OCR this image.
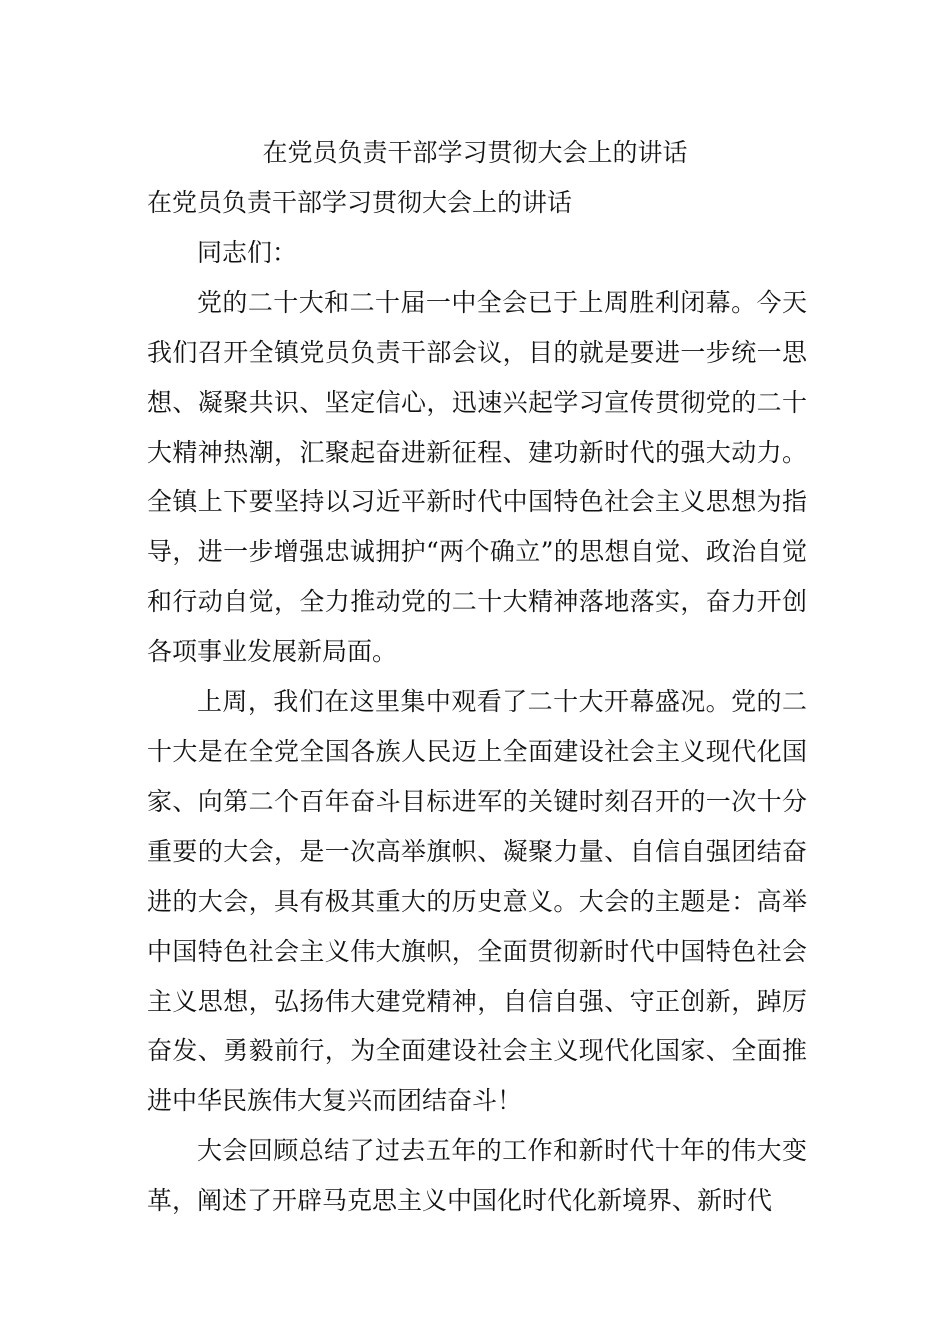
在党员负责干部学习贯彻大会上的讲话

在党员负责干部学习贯彻大会上的讲话

同志们：

党的二十大和二十届一中全会已于上周胜利闭幕。今天我们召开全镇党员负责干部会议，目的就是要进一步统一思想、凝聚共识、坚定信心，迅速兴起学习宣传贯彻党的二十大精神热潮，汇聚起奋进新征程、建功新时代的强大动力。全镇上下要坚持以习近平新时代中国特色社会主义思想为指导，进一步增强忠诚拥护“两个确立”的思想自觉、政治自觉和行动自觉，全力推动党的二十大精神落地落实，奋力开创各项事业发展新局面。

上周，我们在这里集中观看了二十大开幕盛况。党的二十大是在全党全国各族人民迈上全面建设社会主义现代化国家、向第二个百年奋斗目标进军的关键时刻召开的一次十分重要的大会，是一次高举旗帜、凝聚力量、自信自强团结奋进的大会，具有极其重大的历史意义。大会的主题是：高举中国特色社会主义伟大旗帜，全面贯彻新时代中国特色社会主义思想，弘扬伟大建党精神，自信自强、守正创新，踔厉奋发、勇毅前行，为全面建设社会主义现代化国家、全面推进中华民族伟大复兴而团结奋斗！

大会回顾总结了过去五年的工作和新时代十年的伟大变革，阐述了开辟马克思主义中国化时代化新境界、新时代
